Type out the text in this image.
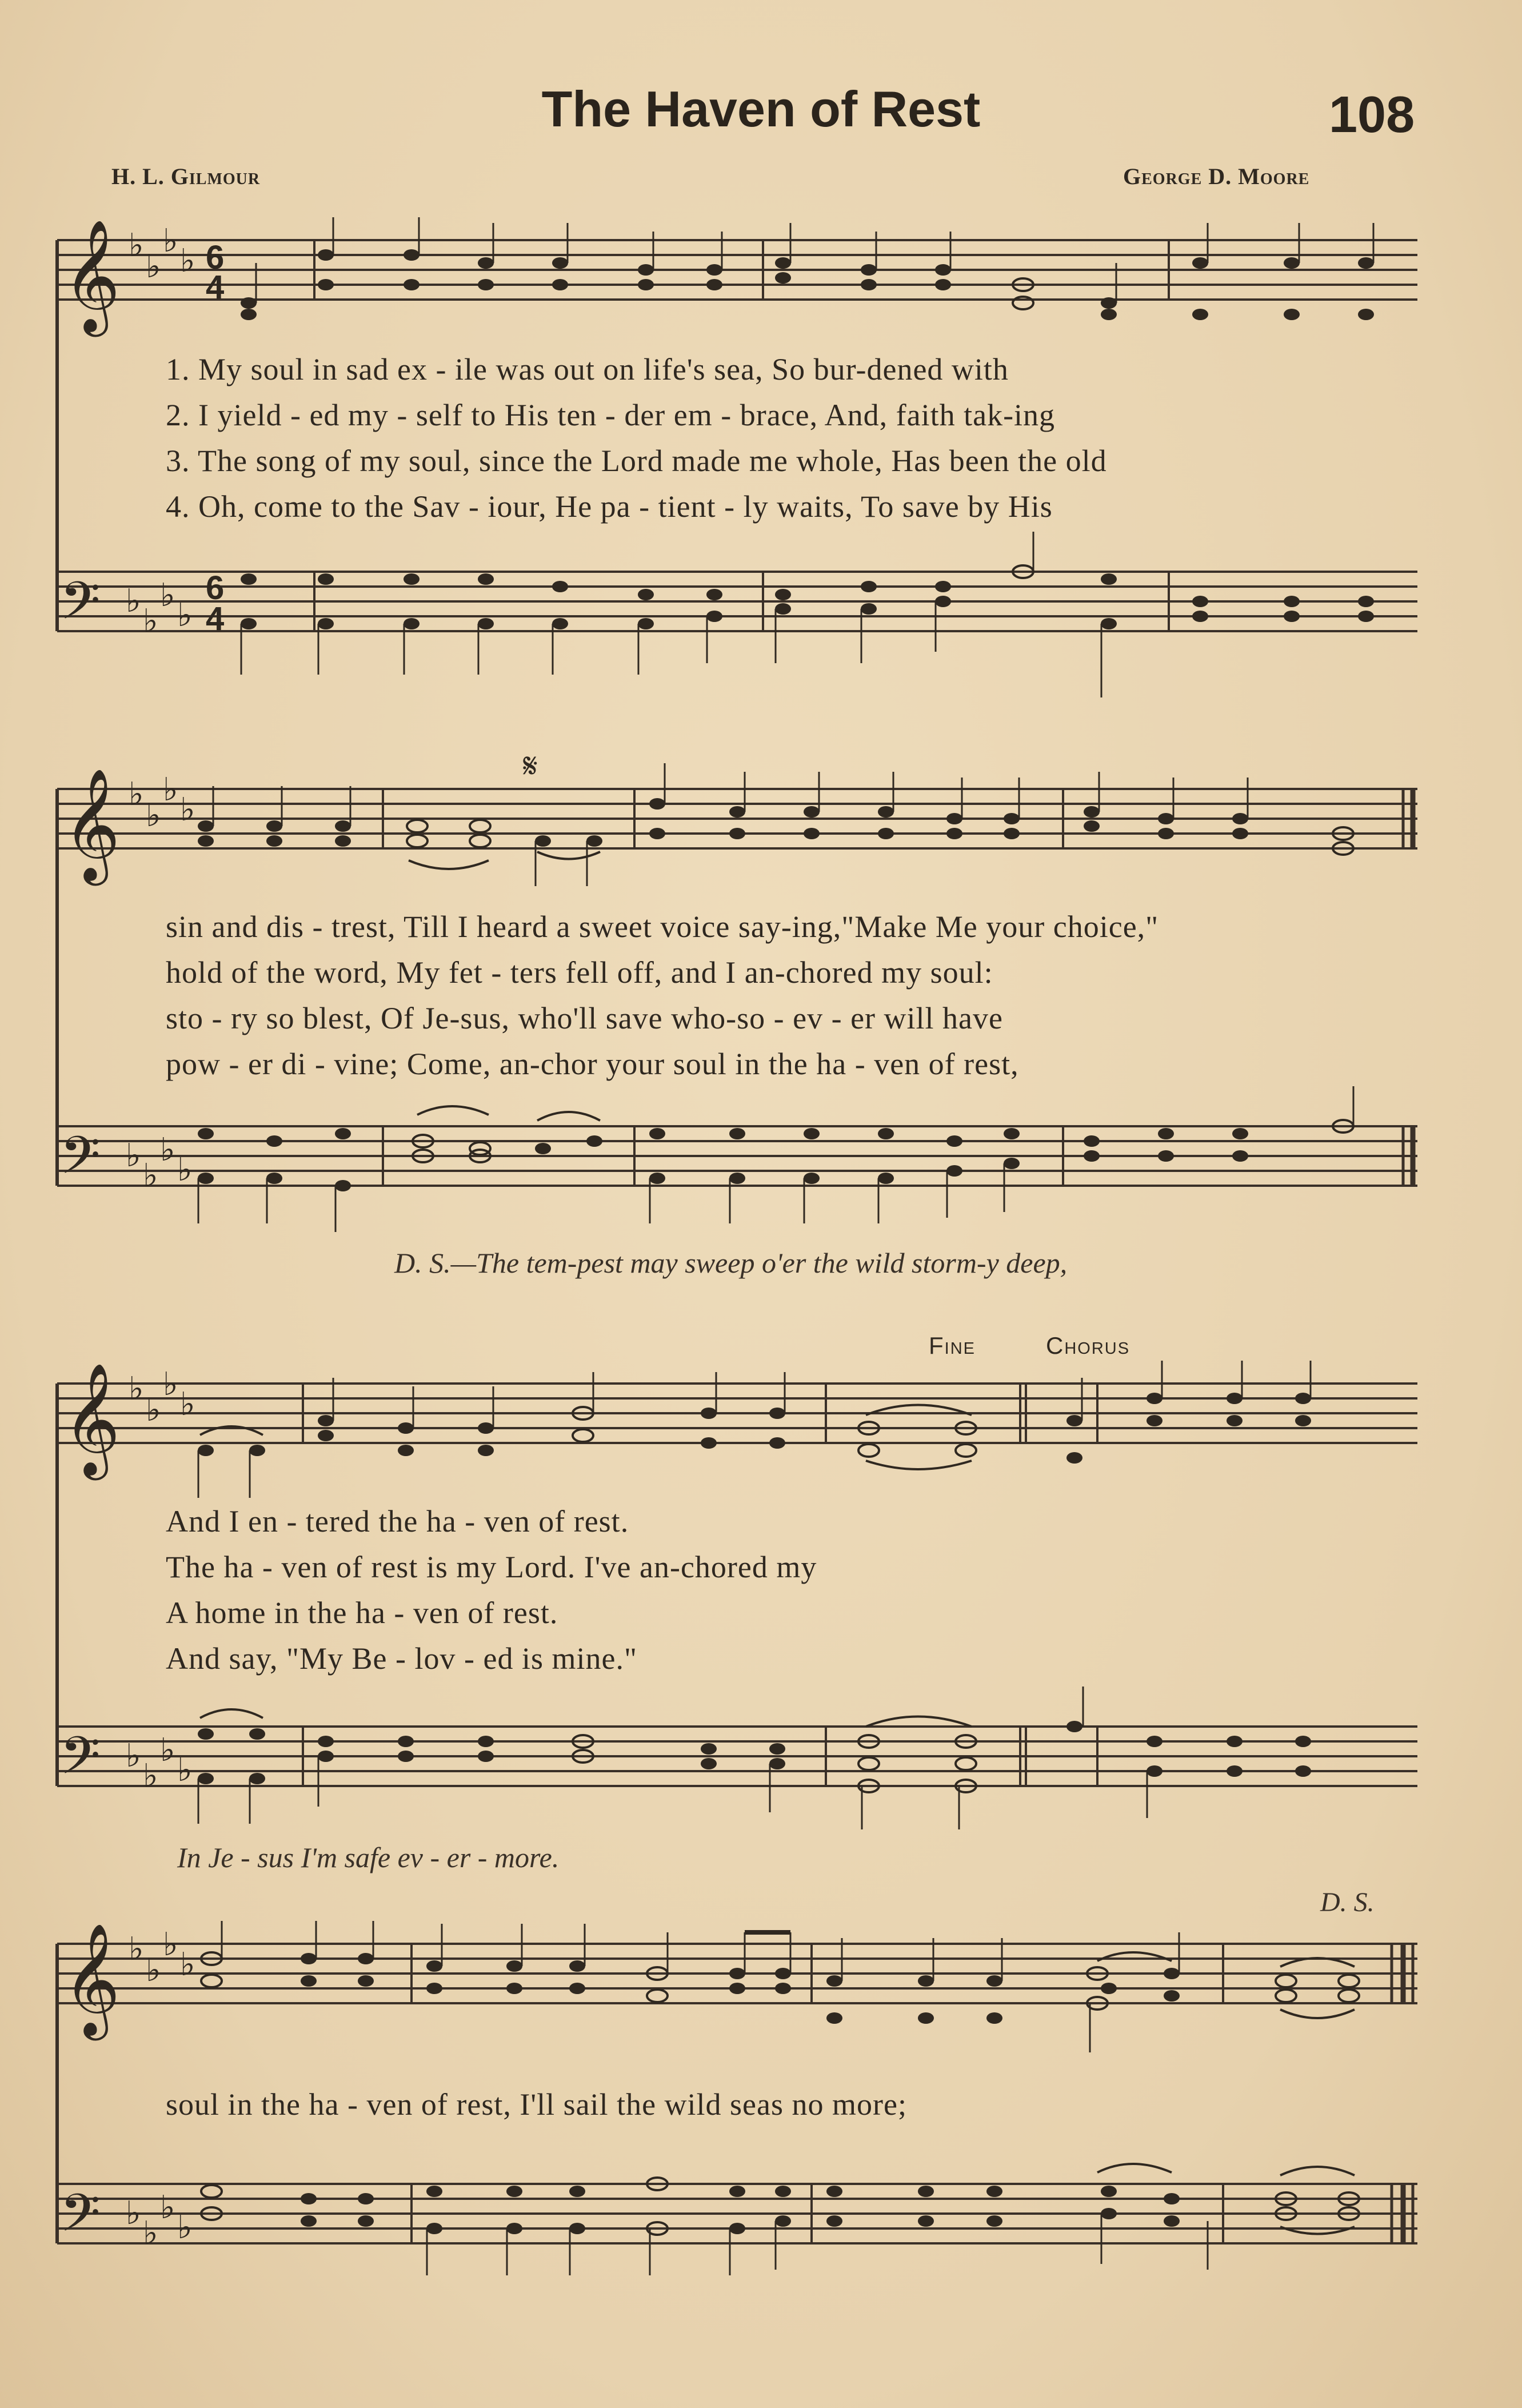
The Haven of Rest	108
H. L. Gilmour	George D. Moore
𝄞
𝄢
♭
♭
♭
♭
♭
♭
♭
♭
6
4
6
4
1. My soul in sad ex - ile was out on life's sea, So bur-dened with
2. I yield - ed my - self to His ten - der em - brace, And, faith tak-ing
3. The song of my soul, since the Lord made me whole, Has been the old
4. Oh, come to the Sav - iour, He pa - tient - ly waits, To save by His
𝄞
𝄢
♭
♭
♭
♭
♭
♭
♭
♭
𝄋
sin and dis - trest, Till I heard a sweet voice say-ing,"Make Me your choice,"
hold of the word, My fet - ters fell off, and I an-chored my soul:
sto - ry so blest, Of Je-sus, who'll save who-so - ev - er will have
pow - er di - vine; Come, an-chor your soul in the ha - ven of rest,
D. S.—The tem-pest may sweep o'er the wild storm-y deep,
Fine	Chorus
𝄞
𝄢
♭
♭
♭
♭
♭
♭
♭
♭
And I en - tered the ha - ven of rest.
The ha - ven of rest is my Lord. I've an-chored my
A home in the ha - ven of rest.
And say, "My Be - lov - ed is mine."
In Je - sus I'm safe ev - er - more.
D. S.
𝄞
𝄢
♭
♭
♭
♭
♭
♭
♭
♭
soul in the ha - ven of rest, I'll sail the wild seas no more;
